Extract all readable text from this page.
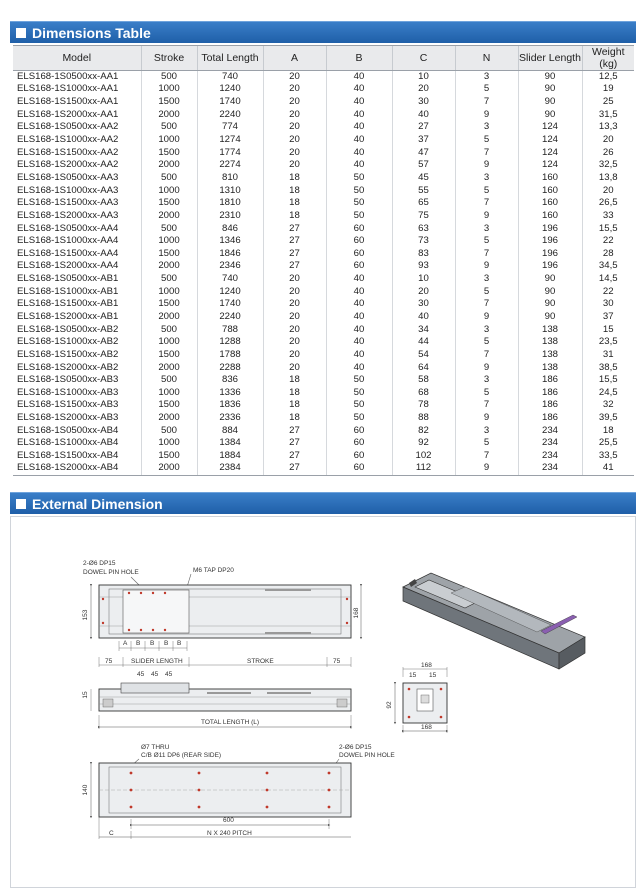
Dimensions Table
Model	Stroke	Total Length	A	B	C	N	Slider Length	Weight (kg)
ELS168-1S0500xx-AA1	500	740	20	40	10	3	90	12,5
ELS168-1S1000xx-AA1	1000	1240	20	40	20	5	90	19
ELS168-1S1500xx-AA1	1500	1740	20	40	30	7	90	25
ELS168-1S2000xx-AA1	2000	2240	20	40	40	9	90	31,5
ELS168-1S0500xx-AA2	500	774	20	40	27	3	124	13,3
ELS168-1S1000xx-AA2	1000	1274	20	40	37	5	124	20
ELS168-1S1500xx-AA2	1500	1774	20	40	47	7	124	26
ELS168-1S2000xx-AA2	2000	2274	20	40	57	9	124	32,5
ELS168-1S0500xx-AA3	500	810	18	50	45	3	160	13,8
ELS168-1S1000xx-AA3	1000	1310	18	50	55	5	160	20
ELS168-1S1500xx-AA3	1500	1810	18	50	65	7	160	26,5
ELS168-1S2000xx-AA3	2000	2310	18	50	75	9	160	33
ELS168-1S0500xx-AA4	500	846	27	60	63	3	196	15,5
ELS168-1S1000xx-AA4	1000	1346	27	60	73	5	196	22
ELS168-1S1500xx-AA4	1500	1846	27	60	83	7	196	28
ELS168-1S2000xx-AA4	2000	2346	27	60	93	9	196	34,5
ELS168-1S0500xx-AB1	500	740	20	40	10	3	90	14,5
ELS168-1S1000xx-AB1	1000	1240	20	40	20	5	90	22
ELS168-1S1500xx-AB1	1500	1740	20	40	30	7	90	30
ELS168-1S2000xx-AB1	2000	2240	20	40	40	9	90	37
ELS168-1S0500xx-AB2	500	788	20	40	34	3	138	15
ELS168-1S1000xx-AB2	1000	1288	20	40	44	5	138	23,5
ELS168-1S1500xx-AB2	1500	1788	20	40	54	7	138	31
ELS168-1S2000xx-AB2	2000	2288	20	40	64	9	138	38,5
ELS168-1S0500xx-AB3	500	836	18	50	58	3	186	15,5
ELS168-1S1000xx-AB3	1000	1336	18	50	68	5	186	24,5
ELS168-1S1500xx-AB3	1500	1836	18	50	78	7	186	32
ELS168-1S2000xx-AB3	2000	2336	18	50	88	9	186	39,5
ELS168-1S0500xx-AB4	500	884	27	60	82	3	234	18
ELS168-1S1000xx-AB4	1000	1384	27	60	92	5	234	25,5
ELS168-1S1500xx-AB4	1500	1884	27	60	102	7	234	33,5
ELS168-1S2000xx-AB4	2000	2384	27	60	112	9	234	41
External Dimension
2-Ø6 DP15
DOWEL PIN HOLE	M6 TAP DP20
153	168
A B B B B
75	SLIDER LENGTH	STROKE	75
45 45 45
15
TOTAL LENGTH (L)
168
15 15
92
168
Ø7 THRU
C/B Ø11 DP6 (REAR SIDE)
2-Ø6 DP15
DOWEL PIN HOLE
140
600
C	N X 240 PITCH
